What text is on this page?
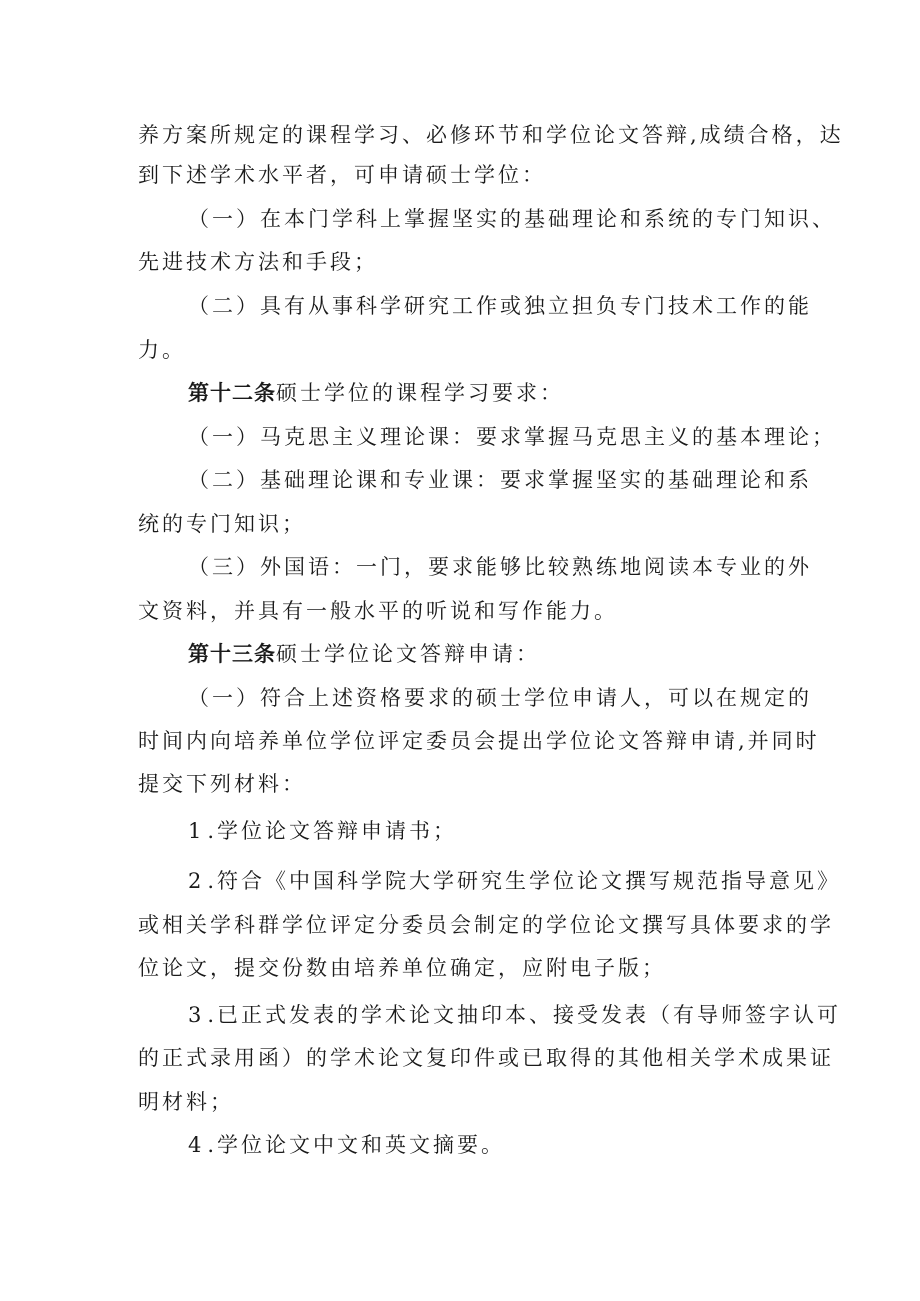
养方案所规定的课程学习、必修环节和学位论文答辩,成绩合格，达
到下述学术水平者，可申请硕士学位：
（一）在本门学科上掌握坚实的基础理论和系统的专门知识、
先进技术方法和手段；
（二）具有从事科学研究工作或独立担负专门技术工作的能
力。
第十二条硕士学位的课程学习要求：
（一）马克思主义理论课：要求掌握马克思主义的基本理论；
（二）基础理论课和专业课：要求掌握坚实的基础理论和系
统的专门知识；
（三）外国语：一门，要求能够比较熟练地阅读本专业的外
文资料，并具有一般水平的听说和写作能力。
第十三条硕士学位论文答辩申请：
（一）符合上述资格要求的硕士学位申请人，可以在规定的
时间内向培养单位学位评定委员会提出学位论文答辩申请,并同时
提交下列材料：
1.学位论文答辩申请书；
2.符合《中国科学院大学研究生学位论文撰写规范指导意见》
或相关学科群学位评定分委员会制定的学位论文撰写具体要求的学
位论文，提交份数由培养单位确定，应附电子版；
3.已正式发表的学术论文抽印本、接受发表（有导师签字认可
的正式录用函）的学术论文复印件或已取得的其他相关学术成果证
明材料；
4.学位论文中文和英文摘要。
